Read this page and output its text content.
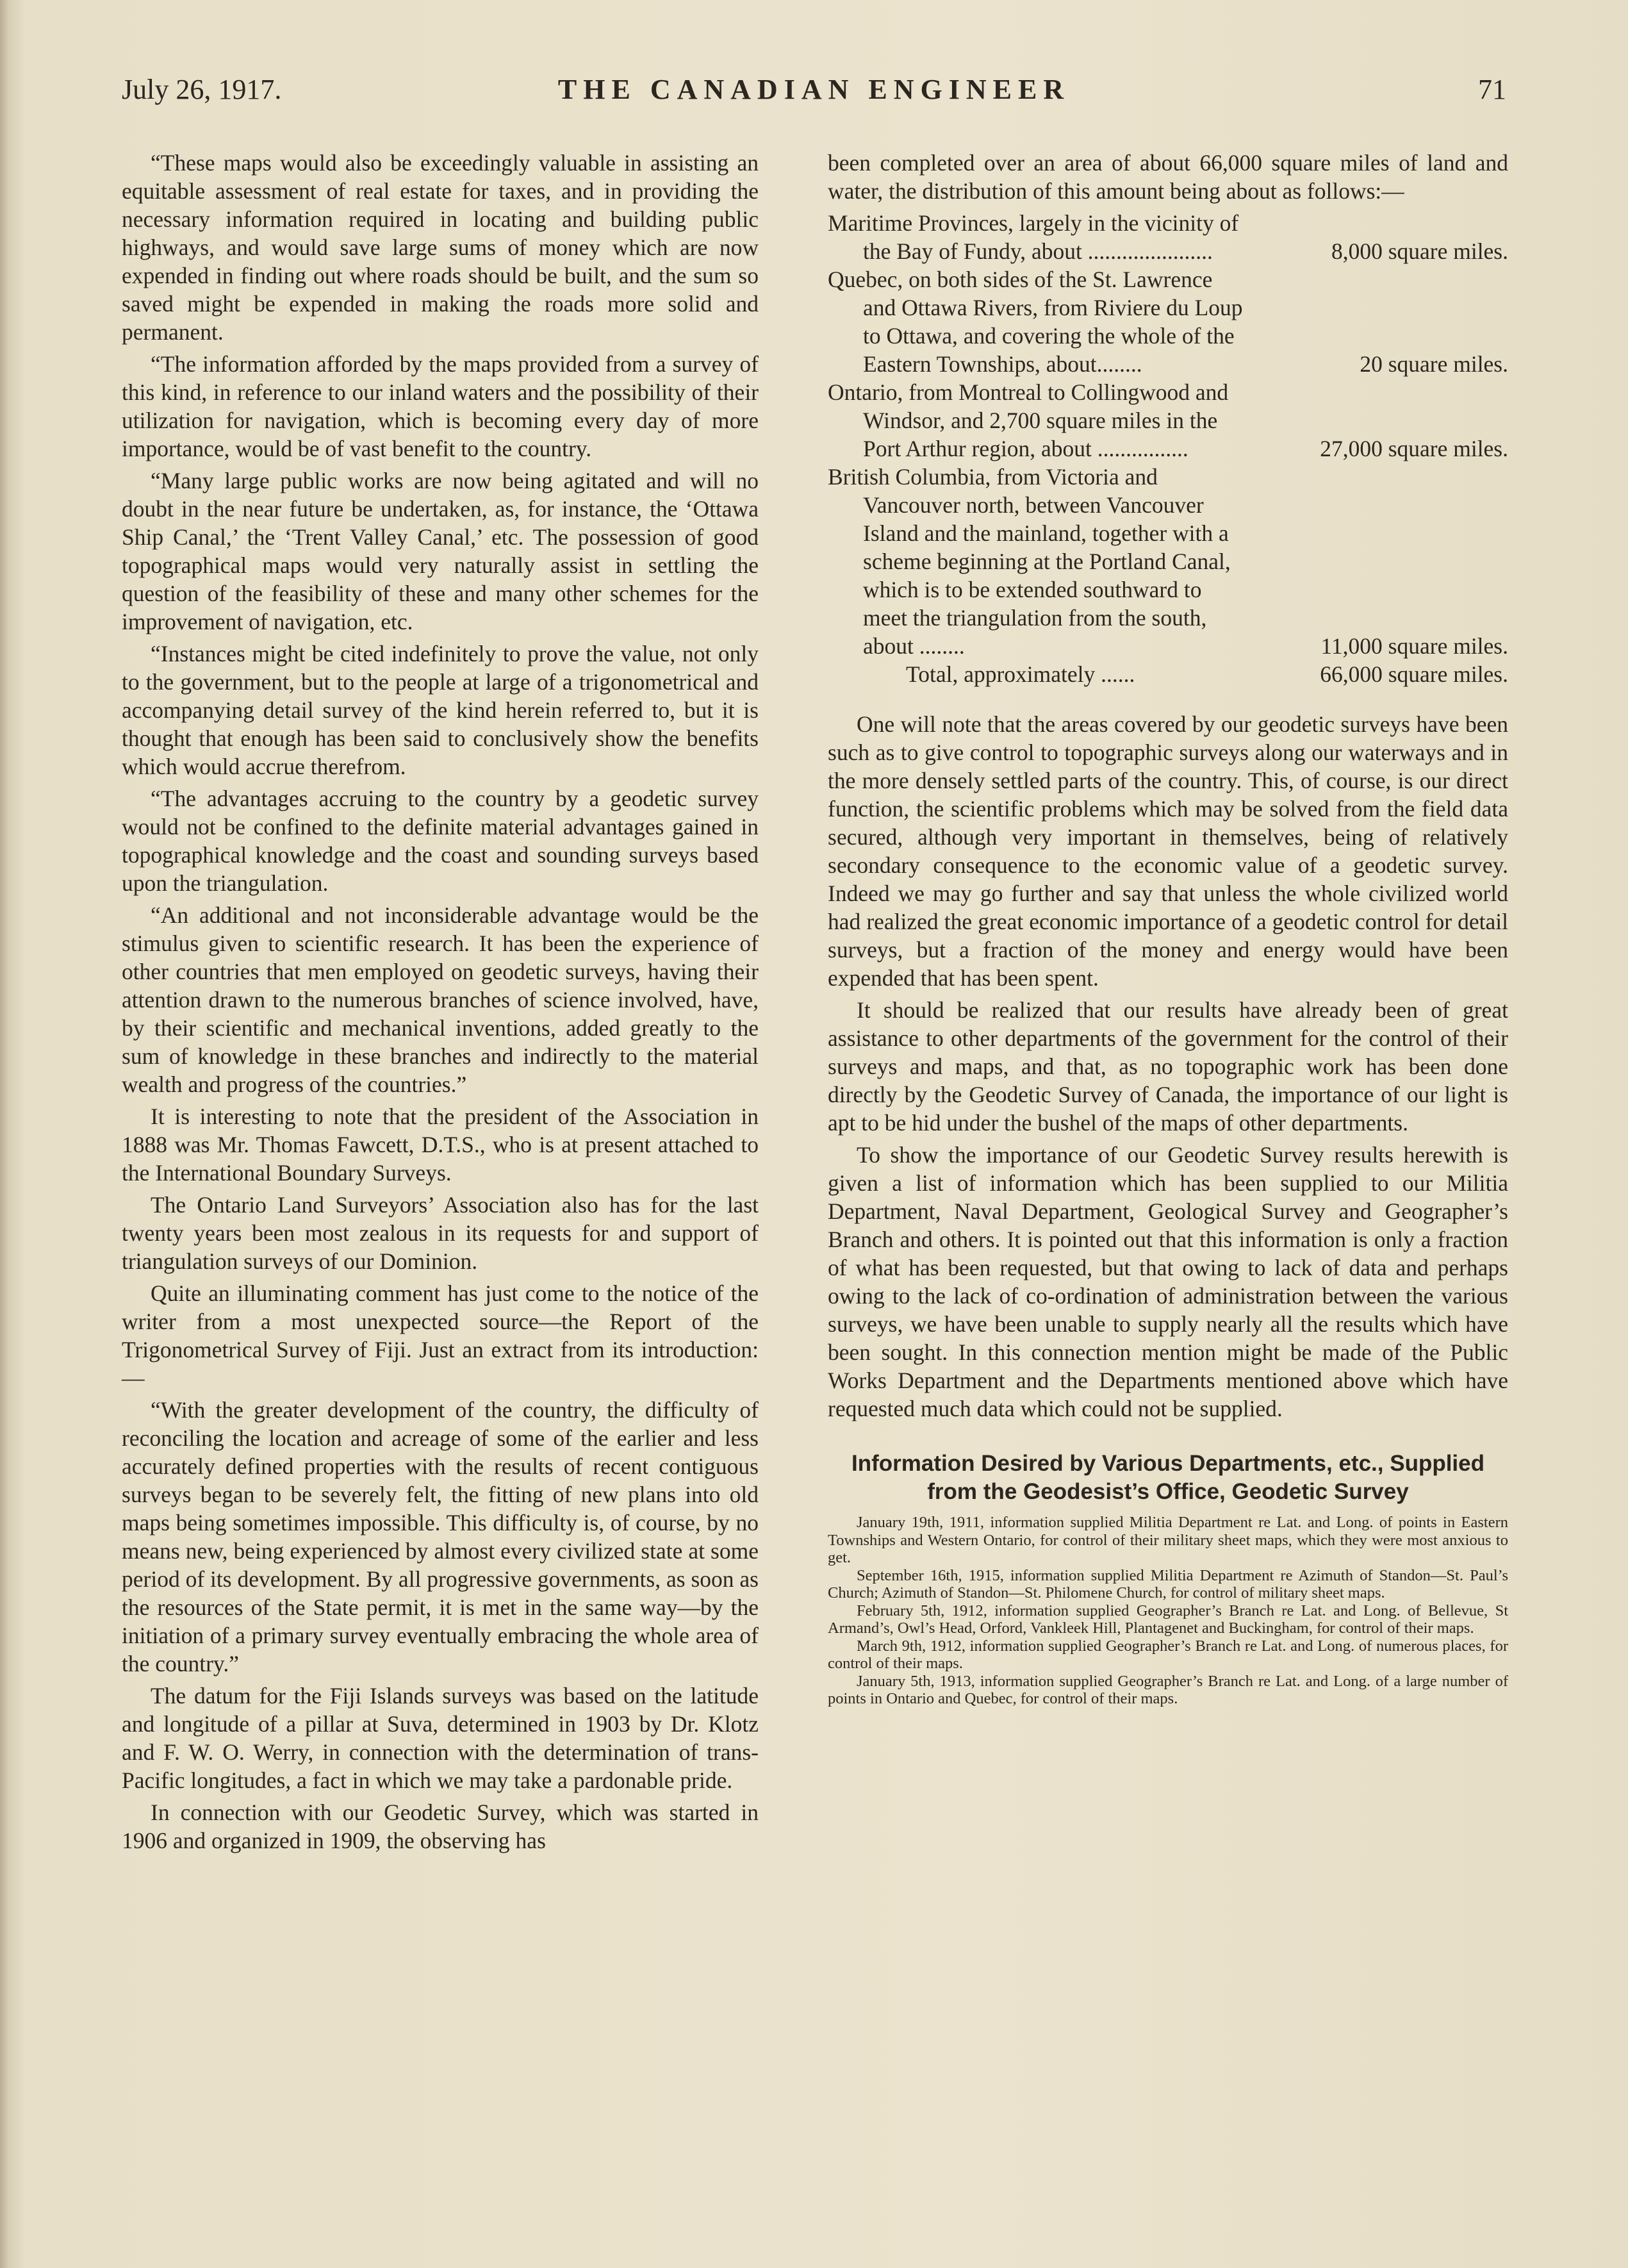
July 26, 1917.	THE CANADIAN ENGINEER	71

“These maps would also be exceedingly valuable in assisting an equitable assessment of real estate for taxes, and in providing the necessary information required in locating and building public highways, and would save large sums of money which are now expended in finding out where roads should be built, and the sum so saved might be expended in making the roads more solid and permanent.

“The information afforded by the maps provided from a survey of this kind, in reference to our inland waters and the possibility of their utilization for navigation, which is becoming every day of more importance, would be of vast benefit to the country.

“Many large public works are now being agitated and will no doubt in the near future be undertaken, as, for instance, the ‘Ottawa Ship Canal,’ the ‘Trent Valley Canal,’ etc. The possession of good topographical maps would very naturally assist in settling the question of the feasibility of these and many other schemes for the improvement of navigation, etc.

“Instances might be cited indefinitely to prove the value, not only to the government, but to the people at large of a trigonometrical and accompanying detail survey of the kind herein referred to, but it is thought that enough has been said to conclusively show the benefits which would accrue therefrom.

“The advantages accruing to the country by a geodetic survey would not be confined to the definite material advantages gained in topographical knowledge and the coast and sounding surveys based upon the triangulation.

“An additional and not inconsiderable advantage would be the stimulus given to scientific research. It has been the experience of other countries that men employed on geodetic surveys, having their attention drawn to the numerous branches of science involved, have, by their scientific and mechanical inventions, added greatly to the sum of knowledge in these branches and indirectly to the material wealth and progress of the countries.”

It is interesting to note that the president of the Association in 1888 was Mr. Thomas Fawcett, D.T.S., who is at present attached to the International Boundary Surveys.

The Ontario Land Surveyors’ Association also has for the last twenty years been most zealous in its requests for and support of triangulation surveys of our Dominion.

Quite an illuminating comment has just come to the notice of the writer from a most unexpected source—the Report of the Trigonometrical Survey of Fiji. Just an extract from its introduction:—

“With the greater development of the country, the difficulty of reconciling the location and acreage of some of the earlier and less accurately defined properties with the results of recent contiguous surveys began to be severely felt, the fitting of new plans into old maps being sometimes impossible. This difficulty is, of course, by no means new, being experienced by almost every civilized state at some period of its development. By all progressive governments, as soon as the resources of the State permit, it is met in the same way—by the initiation of a primary survey eventually embracing the whole area of the country.”

The datum for the Fiji Islands surveys was based on the latitude and longitude of a pillar at Suva, determined in 1903 by Dr. Klotz and F. W. O. Werry, in connection with the determination of trans-Pacific longitudes, a fact in which we may take a pardonable pride.

In connection with our Geodetic Survey, which was started in 1906 and organized in 1909, the observing has

been completed over an area of about 66,000 square miles of land and water, the distribution of this amount being about as follows:—

Maritime Provinces, largely in the vicinity of the Bay of Fundy, about ......................	8,000 square miles.
Quebec, on both sides of the St. Lawrence and Ottawa Rivers, from Riviere du Loup to Ottawa, and covering the whole of the Eastern Townships, about........	20 square miles.
Ontario, from Montreal to Collingwood and Windsor, and 2,700 square miles in the Port Arthur region, about ................	27,000 square miles.
British Columbia, from Victoria and Vancouver north, between Vancouver Island and the mainland, together with a scheme beginning at the Portland Canal, which is to be extended southward to meet the triangulation from the south, about ........	11,000 square miles.
Total, approximately ......	66,000 square miles.

One will note that the areas covered by our geodetic surveys have been such as to give control to topographic surveys along our waterways and in the more densely settled parts of the country. This, of course, is our direct function, the scientific problems which may be solved from the field data secured, although very important in themselves, being of relatively secondary consequence to the economic value of a geodetic survey. Indeed we may go further and say that unless the whole civilized world had realized the great economic importance of a geodetic control for detail surveys, but a fraction of the money and energy would have been expended that has been spent.

It should be realized that our results have already been of great assistance to other departments of the government for the control of their surveys and maps, and that, as no topographic work has been done directly by the Geodetic Survey of Canada, the importance of our light is apt to be hid under the bushel of the maps of other departments.

To show the importance of our Geodetic Survey results herewith is given a list of information which has been supplied to our Militia Department, Naval Department, Geological Survey and Geographer’s Branch and others. It is pointed out that this information is only a fraction of what has been requested, but that owing to lack of data and perhaps owing to the lack of co-ordination of administration between the various surveys, we have been unable to supply nearly all the results which have been sought. In this connection mention might be made of the Public Works Department and the Departments mentioned above which have requested much data which could not be supplied.

Information Desired by Various Departments, etc., Supplied from the Geodesist’s Office, Geodetic Survey

January 19th, 1911, information supplied Militia Department re Lat. and Long. of points in Eastern Townships and Western Ontario, for control of their military sheet maps, which they were most anxious to get.

September 16th, 1915, information supplied Militia Department re Azimuth of Standon—St. Paul’s Church; Azimuth of Standon—St. Philomene Church, for control of military sheet maps.

February 5th, 1912, information supplied Geographer’s Branch re Lat. and Long. of Bellevue, St Armand’s, Owl’s Head, Orford, Vankleek Hill, Plantagenet and Buckingham, for control of their maps.

March 9th, 1912, information supplied Geographer’s Branch re Lat. and Long. of numerous places, for control of their maps.

January 5th, 1913, information supplied Geographer’s Branch re Lat. and Long. of a large number of points in Ontario and Quebec, for control of their maps.
